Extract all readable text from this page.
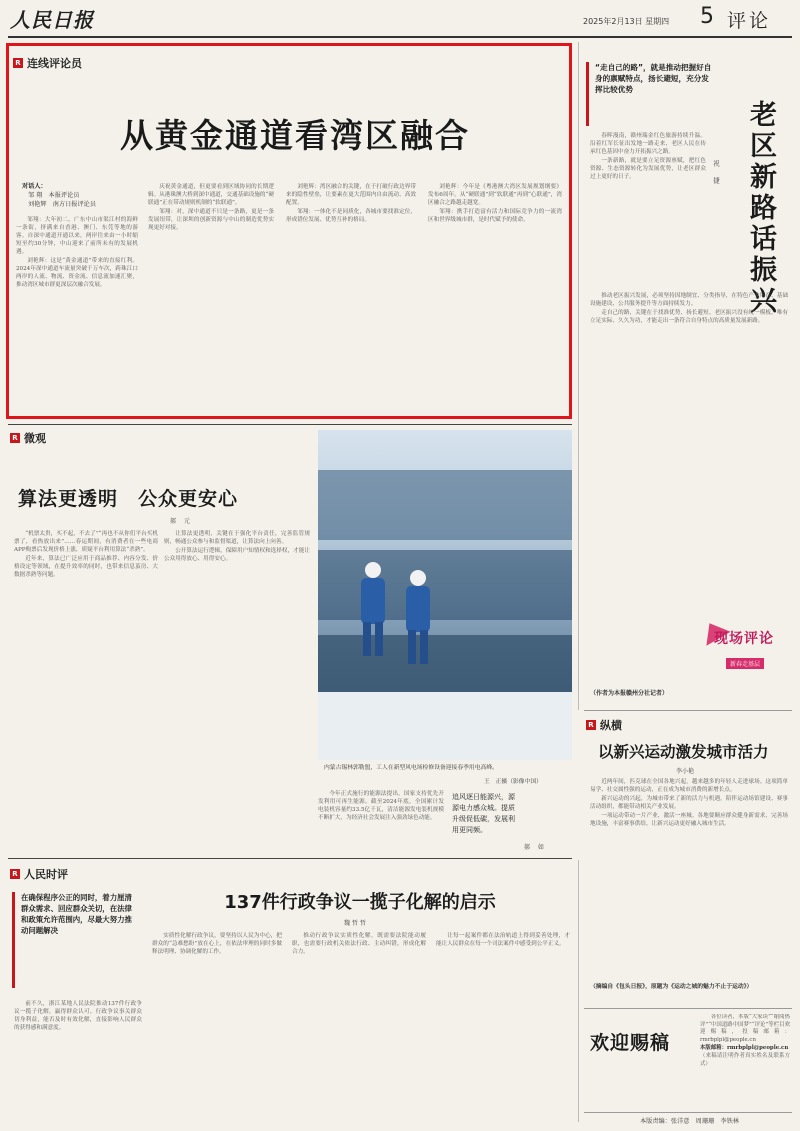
人民日报	2025年2月13日 星期四 5 评论
R 连线评论员
从黄金通道看湾区融合
对话人：
邹 翔　本报评论员
刘艳辉　南方日报评论员

邹翔：大年初二，广东中山市渠江村的海鲜一条街，挤满来自香港、澳门、东莞等地的游客。自深中通道开通以来，两岸往来由一小时缩短至约30分钟，中山迎来了前所未有的发展机遇。

刘艳辉：这是“黄金通道”带来的直接红利。2024年深中通道车流量突破千万车次，跨珠江口两岸的人流、物流、资金流、信息流加速汇聚，推动湾区城市群更深层次融合发展。

庆祝黄金通道，但更要看到区域协同的长期逻辑。从港珠澳大桥到深中通道，交通基础设施的“硬联通”正在带动规则机制的“软联通”。

邹翔：对，深中通道不只是一条路，更是一条发展纽带，让深圳的创新资源与中山的制造优势实现更好对接。

刘艳辉：湾区融合的关键，在于打破行政边界带来的隐性壁垒，让要素在更大范围内自由流动、高效配置。

邹翔：一体化不是同质化，各城市要找准定位，形成错位发展、优势互补的格局。

刘艳辉：今年是《粤港澳大湾区发展规划纲要》发布6周年。从“硬联通”到“软联通”再到“心联通”，湾区融合之路越走越宽。

邹翔：携手打造富有活力和国际竞争力的一流湾区和世界级城市群，是时代赋予的使命。

“走自己的路”，就是推动把握好自身的禀赋特点，扬长避短，充分发挥比较优势
老区新路话振兴
祝 捷

春晖漫南，赣州瑞金红色旅游持续升温。沿着红军长征出发地一路走来，老区人民在传承红色基因中奋力开拓振兴之路。

一条新路，就是要立足资源禀赋，把红色资源、生态资源转化为发展优势，让老区群众过上更好的日子。

推动老区振兴发展，必须坚持因地制宜、分类指导，在特色产业培育、基础设施建设、公共服务提升等方面持续发力。

走自己的路，关键在于找准优势、扬长避短。老区振兴没有统一模板，唯有立足实际、久久为功，才能走出一条符合自身特点的高质量发展新路。

现场评论
新春走基层
（作者为本报赣州分社记者）
R 纵横
以新兴运动激发城市活力
李小艳

近两年间，匹克球在全国各地兴起，越来越多的年轻人走进球场。这项简单易学、社交属性强的运动，正在成为城市消费的新增长点。

新兴运动的兴起，为城市带来了新的活力与机遇。陪伴运动场馆建设、赛事活动组织，都能带动相关产业发展。

一项运动带动一片产业，激活一座城。各地要顺应群众健身新需求，完善场地设施，丰富赛事供给，让新兴运动更好融入城市生活。

（摘编自《包头日报》，原题为《运动之城的魅力不止于运动》）
欢迎赐稿

各位读者，本版“大家谈”“缩阅热评”“中国道路中国梦”“评论”等栏目欢迎赐稿，投稿邮箱：rmrbplpl@people.cn

本版邮箱：rmrbplpl@people.cn
（来稿请注明作者真实姓名及联系方式）
R 微观
算法更透明　公众更安心
郝 元

“机票太贵，买不起，不去了”“再也不从你们平台买机票了，看热放出来”……春运期间，有消费者在一些电商APP购票后发现价格上涨，质疑平台利用算法“杀熟”。

近年来，算法已广泛应用于商品推荐、内容分发、价格设定等领域，在提升效率的同时，也带来信息茧房、大数据杀熟等问题。

让算法更透明，关键在于强化平台责任，完善监管规则，畅通公众参与和监督渠道，让算法向上向善。

公开算法运行逻辑，保障用户知情权和选择权，才能让公众用得放心、用得安心。

内蒙古锡林郭勒盟，工人在新型风电场检修设备迎接春季用电高峰。
王　正摄（影像中国）

今年正式施行的能源法提出，国家支持优先开发利用可再生能源。截至2024年底，全国累计发电装机容量约33.5亿千瓦，清洁能源发电装机规模不断扩大，为经济社会发展注入强劲绿色动能。

追风逐日能源兴，源源电力感众城。提质升级促低碳，发展利用更同频。
郝 如
R 人民时评
在确保程序公正的同时，着力厘清群众需求、回应群众关切，在法律和政策允许范围内，尽最大努力推动问题解决
137件行政争议一揽子化解的启示
魏哲哲

前不久，浙江某地人民法院推动137件行政争议一揽子化解，赢得群众认可。行政争议事关群众切身利益，能否及时有效化解，直接影响人民群众的获得感和满意度。

实质性化解行政争议，要坚持以人民为中心，把群众的“急难愁盼”放在心上，在依法审理的同时多做释法明理、协调化解的工作。

推动行政争议实质性化解，既需要法院能动履职，也需要行政机关依法行政、主动纠错，形成化解合力。

让每一起案件都在法治轨道上得到妥善处理，才能让人民群众在每一个司法案件中感受到公平正义。

本版责编：张洋意　周珊珊　李铁林
